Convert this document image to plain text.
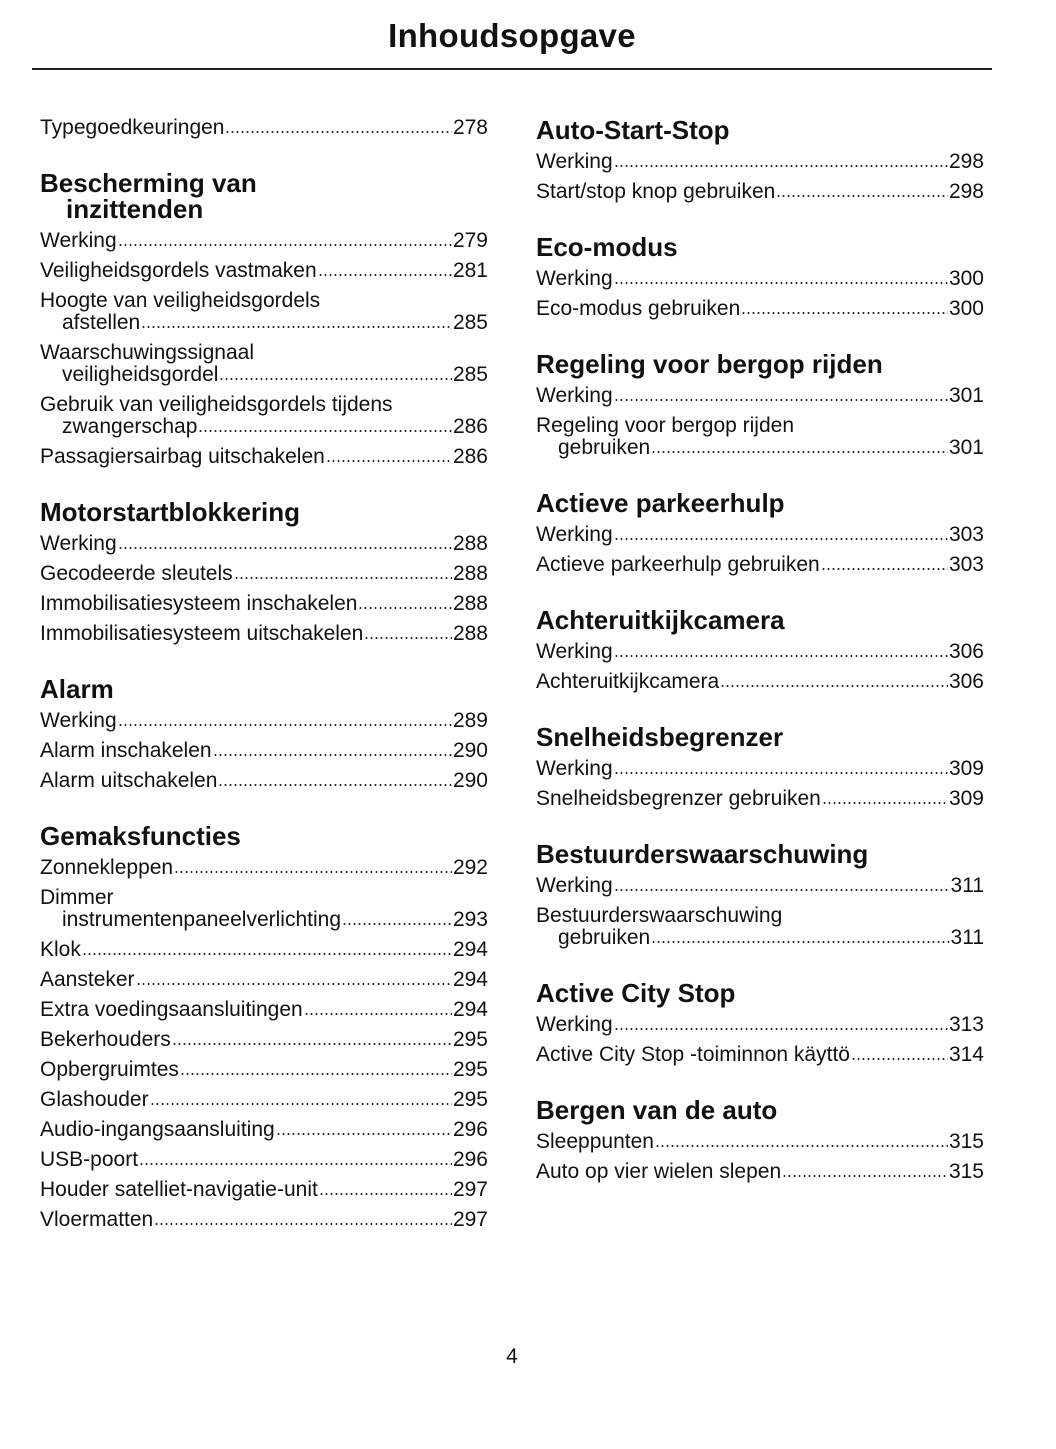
Inhoudsopgave
Typegoedkeuringen	278
Bescherming van
inzittenden
Werking	279
Veiligheidsgordels vastmaken	281
Hoogte van veiligheidsgordels
afstellen	285
Waarschuwingssignaal
veiligheidsgordel	285
Gebruik van veiligheidsgordels tijdens
zwangerschap	286
Passagiersairbag uitschakelen	286
Motorstartblokkering
Werking	288
Gecodeerde sleutels	288
Immobilisatiesysteem inschakelen	288
Immobilisatiesysteem uitschakelen	288
Alarm
Werking	289
Alarm inschakelen	290
Alarm uitschakelen	290
Gemaksfuncties
Zonnekleppen	292
Dimmer
instrumentenpaneelverlichting	293
Klok	294
Aansteker	294
Extra voedingsaansluitingen	294
Bekerhouders	295
Opbergruimtes	295
Glashouder	295
Audio-ingangsaansluiting	296
USB-poort	296
Houder satelliet-navigatie-unit	297
Vloermatten	297
Auto-Start-Stop
Werking	298
Start/stop knop gebruiken	298
Eco-modus
Werking	300
Eco-modus gebruiken	300
Regeling voor bergop rijden
Werking	301
Regeling voor bergop rijden
gebruiken	301
Actieve parkeerhulp
Werking	303
Actieve parkeerhulp gebruiken	303
Achteruitkijkcamera
Werking	306
Achteruitkijkcamera	306
Snelheidsbegrenzer
Werking	309
Snelheidsbegrenzer gebruiken	309
Bestuurderswaarschuwing
Werking	311
Bestuurderswaarschuwing
gebruiken	311
Active City Stop
Werking	313
Active City Stop -toiminnon käyttö	314
Bergen van de auto
Sleeppunten	315
Auto op vier wielen slepen	315
4
